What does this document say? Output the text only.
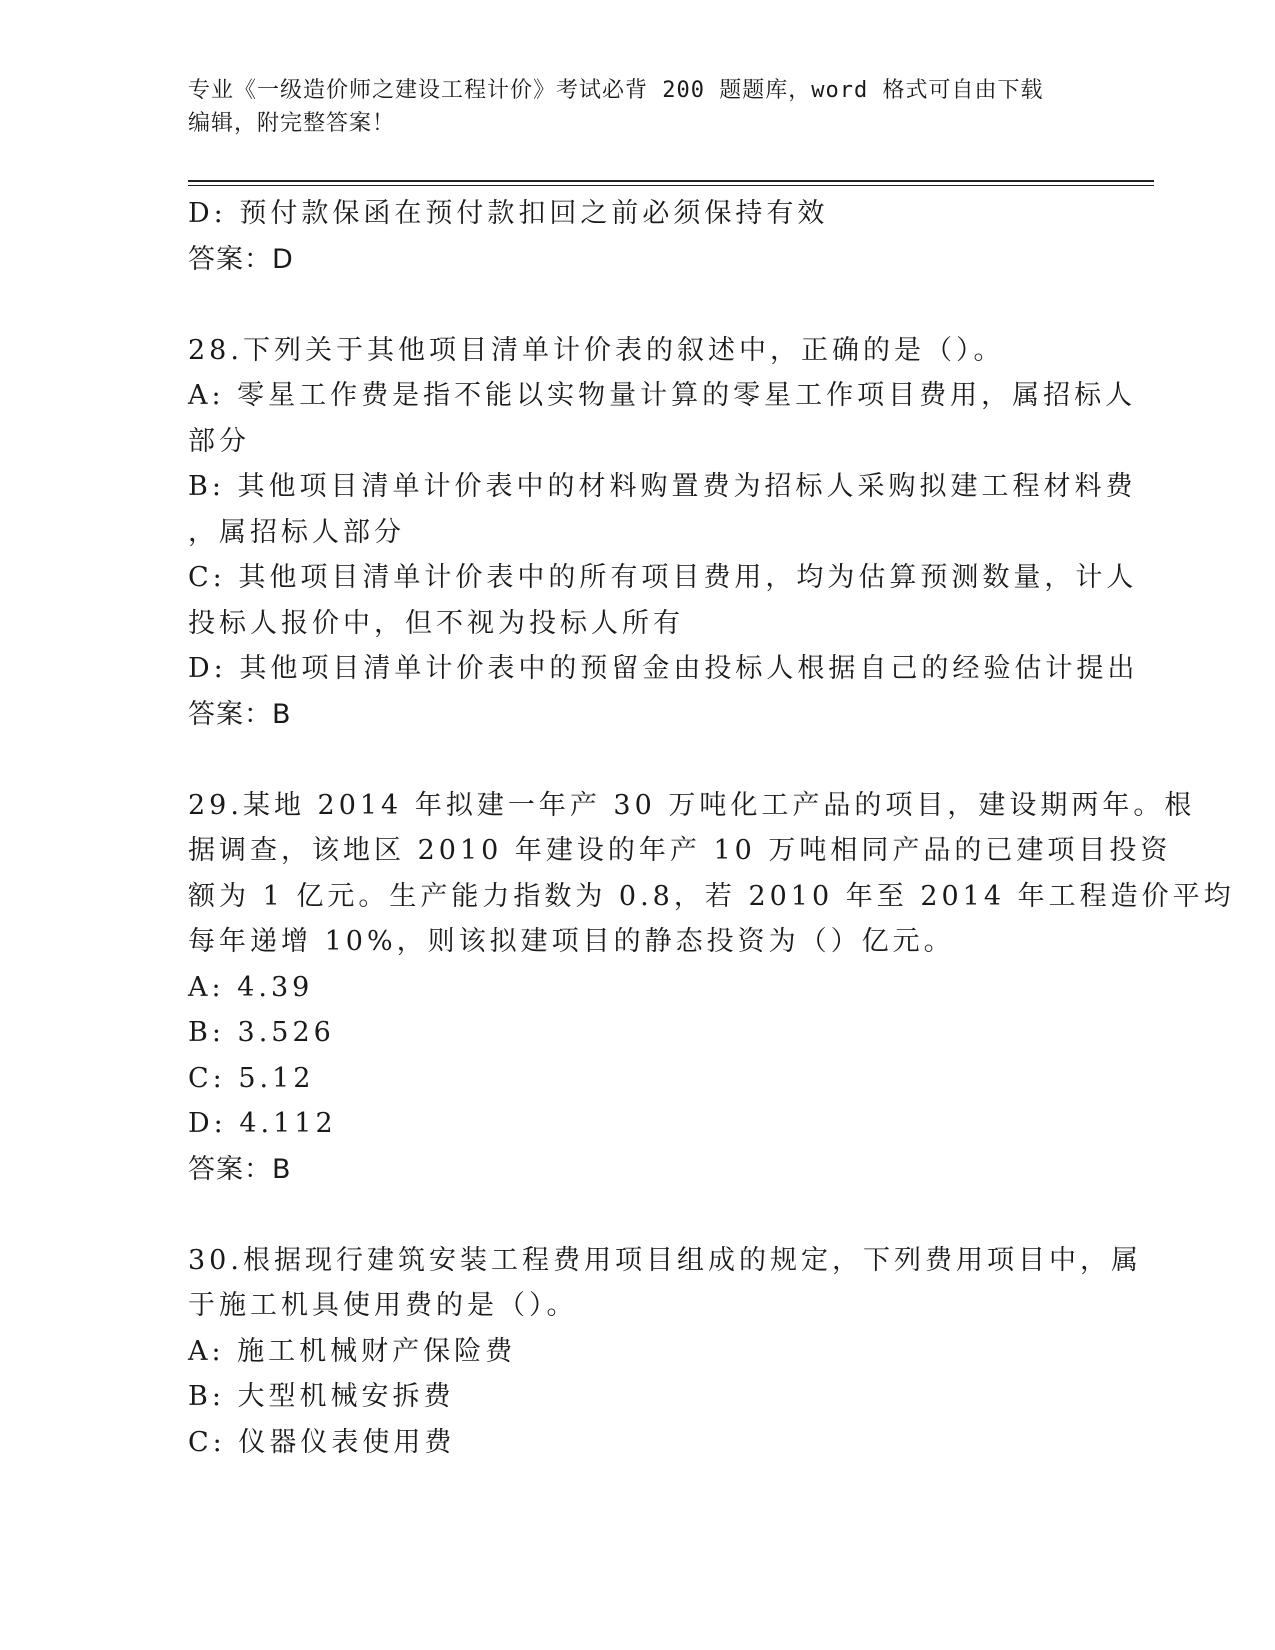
专业《一级造价师之建设工程计价》考试必背 200 题题库，word 格式可自由下载
编辑，附完整答案！
D: 预付款保函在预付款扣回之前必须保持有效
答案：D
28.下列关于其他项目清单计价表的叙述中，正确的是（）。
A: 零星工作费是指不能以实物量计算的零星工作项目费用，属招标人
部分
B: 其他项目清单计价表中的材料购置费为招标人采购拟建工程材料费
，属招标人部分
C: 其他项目清单计价表中的所有项目费用，均为估算预测数量，计人
投标人报价中，但不视为投标人所有
D: 其他项目清单计价表中的预留金由投标人根据自己的经验估计提出
答案：B
29.某地 2014 年拟建一年产 30 万吨化工产品的项目，建设期两年。根
据调查，该地区 2010 年建设的年产 10 万吨相同产品的已建项目投资
额为 1 亿元。生产能力指数为 0.8，若 2010 年至 2014 年工程造价平均
每年递增 10%，则该拟建项目的静态投资为（）亿元。
A: 4.39
B: 3.526
C: 5.12
D: 4.112
答案：B
30.根据现行建筑安装工程费用项目组成的规定，下列费用项目中，属
于施工机具使用费的是（）。
A: 施工机械财产保险费
B: 大型机械安拆费
C: 仪器仪表使用费
